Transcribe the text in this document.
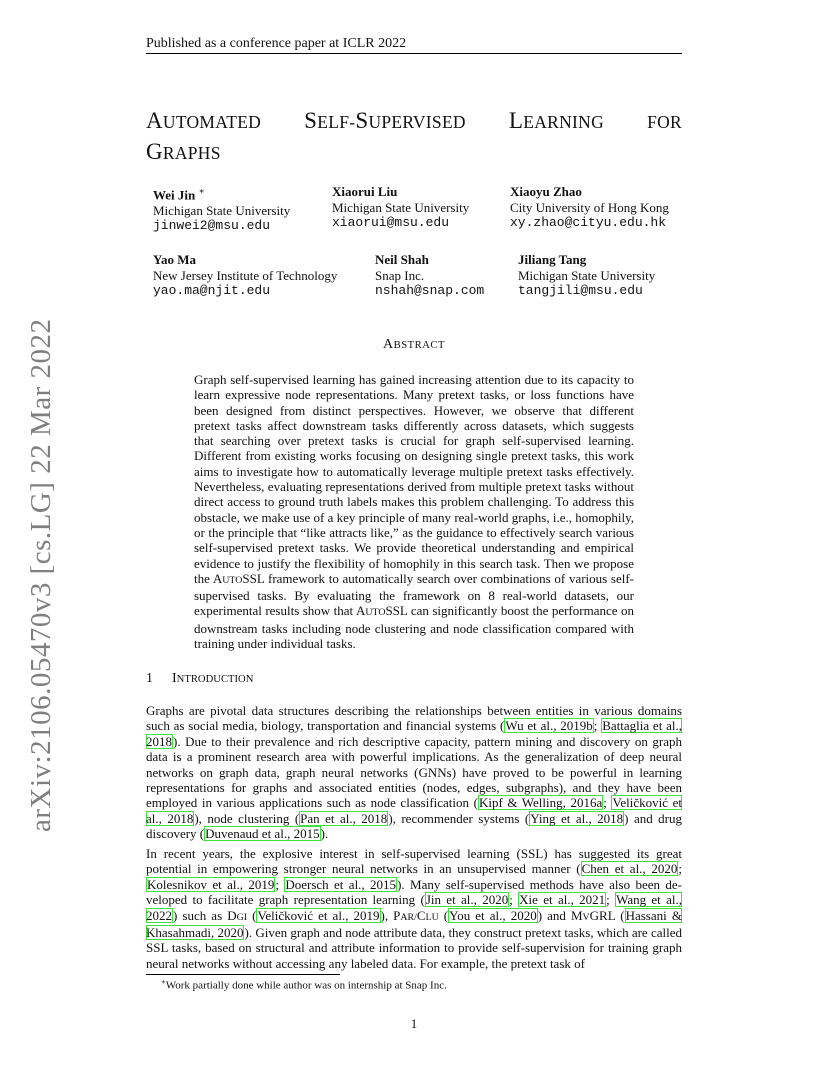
Published as a conference paper at ICLR 2022
arXiv:2106.05470v3 [cs.LG] 22 Mar 2022
AUTOMATED SELF-SUPERVISED LEARNING FOR
GRAPHS
Wei Jin ∗
Michigan State University
jinwei2@msu.edu
Xiaorui Liu
Michigan State University
xiaorui@msu.edu
Xiaoyu Zhao
City University of Hong Kong
xy.zhao@cityu.edu.hk
Yao Ma
New Jersey Institute of Technology
yao.ma@njit.edu
Neil Shah
Snap Inc.
nshah@snap.com
Jiliang Tang
Michigan State University
tangjili@msu.edu
ABSTRACT
Graph self-supervised learning has gained increasing attention due to its capacity to learn expressive node representations. Many pretext tasks, or loss functions have been designed from distinct perspectives. However, we observe that different pretext tasks affect downstream tasks differently across datasets, which suggests that searching over pretext tasks is crucial for graph self-supervised learning. Different from existing works focusing on designing single pretext tasks, this work aims to investigate how to automatically leverage multiple pretext tasks effectively. Nevertheless, evaluating representations derived from multiple pretext tasks without direct access to ground truth labels makes this problem challenging. To address this obstacle, we make use of a key principle of many real-world graphs, i.e., homophily, or the principle that “like attracts like,” as the guidance to effectively search various self-supervised pretext tasks. We provide theoretical understanding and empirical evidence to justify the flexibility of homophily in this search task. Then we propose the AUTOSSL framework to automatically search over combinations of various self-supervised tasks. By evaluating the framework on 8 real-world datasets, our experimental results show that AUTOSSL can significantly boost the performance on downstream tasks including node clustering and node classification compared with training under individual tasks.
1 INTRODUCTION
Graphs are pivotal data structures describing the relationships between entities in various domains such as social media, biology, transportation and financial systems (Wu et al., 2019b; Battaglia et al., 2018). Due to their prevalence and rich descriptive capacity, pattern mining and discovery on graph data is a prominent research area with powerful implications. As the generalization of deep neural networks on graph data, graph neural networks (GNNs) have proved to be powerful in learning representations for graphs and associated entities (nodes, edges, subgraphs), and they have been employed in various applications such as node classification (Kipf & Welling, 2016a; Veličković et al., 2018), node clustering (Pan et al., 2018), recommender systems (Ying et al., 2018) and drug discovery (Duvenaud et al., 2015).
In recent years, the explosive interest in self-supervised learning (SSL) has suggested its great potential in empowering stronger neural networks in an unsupervised manner (Chen et al., 2020; Kolesnikov et al., 2019; Doersch et al., 2015). Many self-supervised methods have also been developed to facilitate graph representation learning (Jin et al., 2020; Xie et al., 2021; Wang et al., 2022) such as DGI (Veličković et al., 2019), PAR/CLU (You et al., 2020) and MVGRL (Hassani & Khasahmadi, 2020). Given graph and node attribute data, they construct pretext tasks, which are called SSL tasks, based on structural and attribute information to provide self-supervision for training graph neural networks without accessing any labeled data. For example, the pretext task of
∗Work partially done while author was on internship at Snap Inc.
1
